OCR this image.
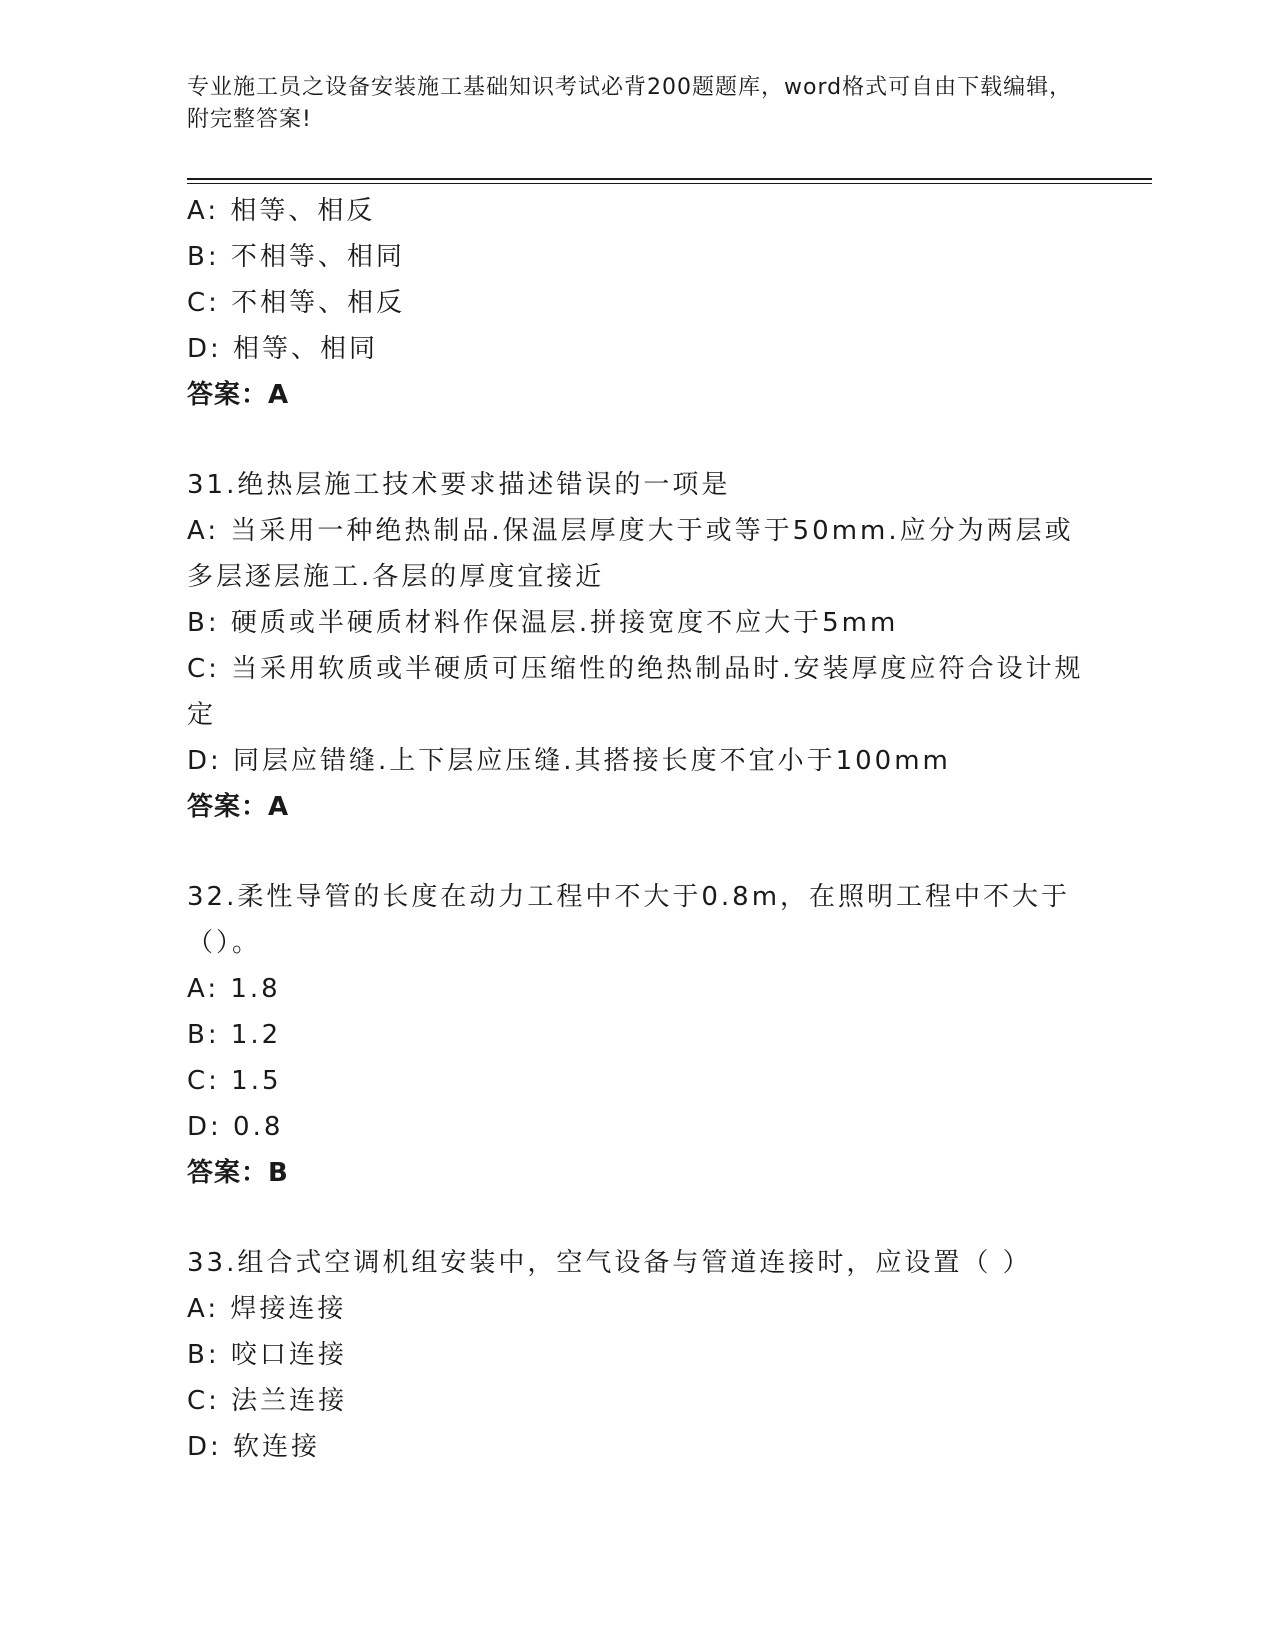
专业施工员之设备安装施工基础知识考试必背200题题库，word格式可自由下载编辑，附完整答案!
A: 相等、相反
B: 不相等、相同
C: 不相等、相反
D: 相等、相同
答案：A
31.绝热层施工技术要求描述错误的一项是
A: 当采用一种绝热制品.保温层厚度大于或等于50mm.应分为两层或多层逐层施工.各层的厚度宜接近
B: 硬质或半硬质材料作保温层.拼接宽度不应大于5mm
C: 当采用软质或半硬质可压缩性的绝热制品时.安装厚度应符合设计规定
D: 同层应错缝.上下层应压缝.其搭接长度不宜小于100mm
答案：A
32.柔性导管的长度在动力工程中不大于0.8m，在照明工程中不大于（）。
A: 1.8
B: 1.2
C: 1.5
D: 0.8
答案：B
33.组合式空调机组安装中，空气设备与管道连接时，应设置（ ）
A: 焊接连接
B: 咬口连接
C: 法兰连接
D: 软连接
